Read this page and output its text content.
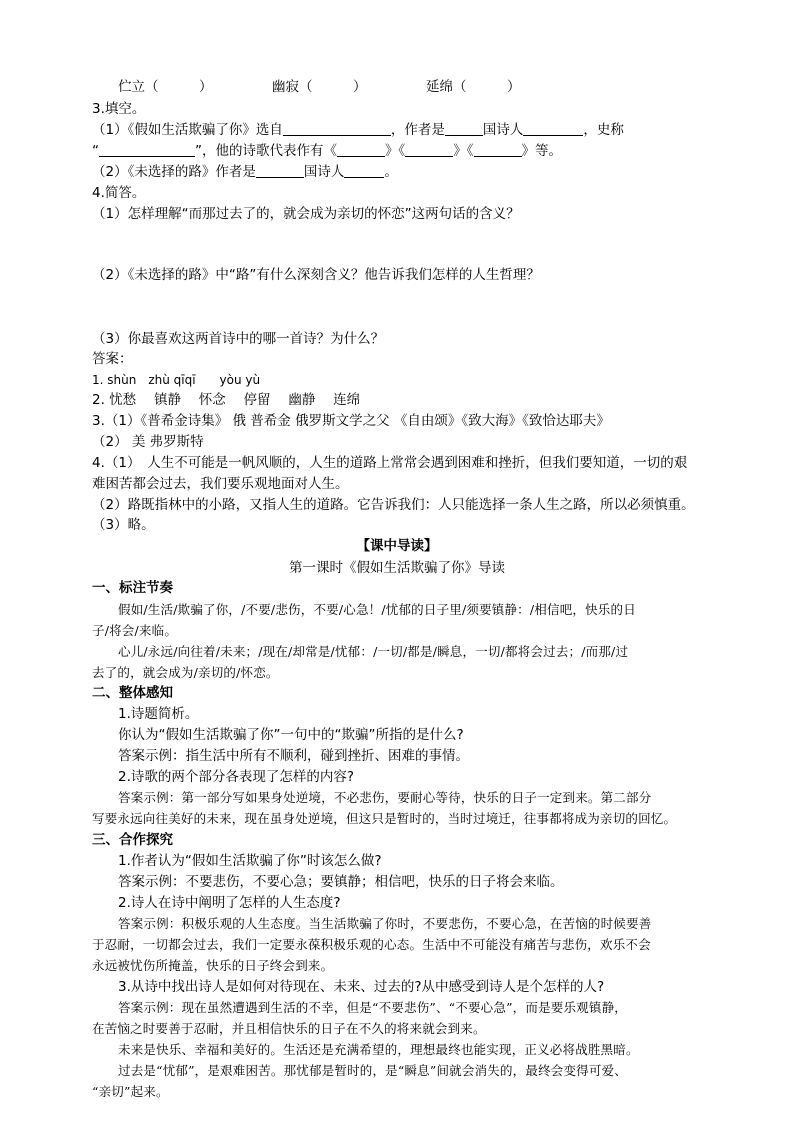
伫立（　　　）	幽寂（　　　）	延绵（　　　）
3.填空。
（1）《假如生活欺骗了你》选自	，作者是	国诗人	，史称
“	”，他的诗歌代表作有《	》《	》《	》等。
（2）《未选择的路》作者是	国诗人	。
4.简答。
（1）怎样理解“而那过去了的，就会成为亲切的怀恋”这两句话的含义？
（2）《未选择的路》中“路”有什么深刻含义？他告诉我们怎样的人生哲理？
（3）你最喜欢这两首诗中的哪一首诗？为什么？
答案：
1. shùn　zhù qīqī　　yòu yù
2. 忧愁　 镇静　 怀念　 停留　 幽静　 连绵
3.（1）《普希金诗集》 俄 普希金 俄罗斯文学之父 《自由颂》《致大海》《致恰达耶夫》
（2） 美 弗罗斯特
4.（1）　人生不可能是一帆风顺的，人生的道路上常常会遇到困难和挫折，但我们要知道，一切的艰
难困苦都会过去，我们要乐观地面对人生。
（2）路既指林中的小路，又指人生的道路。它告诉我们：人只能选择一条人生之路，所以必须慎重。
（3）略。
【课中导读】
第一课时《假如生活欺骗了你》导读
一、标注节奏
假如/生活/欺骗了你，/不要/悲伤，不要/心急！/忧郁的日子里/须要镇静：/相信吧，快乐的日
子/将会/来临。
心儿/永远/向往着/未来；/现在/却常是/忧郁：/一切/都是/瞬息，一切/都将会过去；/而那/过
去了的，就会成为/亲切的/怀恋。
二、整体感知
1.诗题简析。
你认为“假如生活欺骗了你”一句中的“欺骗”所指的是什么?
答案示例：指生活中所有不顺利，碰到挫折、困难的事情。
2.诗歌的两个部分各表现了怎样的内容?
答案示例：第一部分写如果身处逆境，不必悲伤，要耐心等待，快乐的日子一定到来。第二部分
写要永远向往美好的未来，现在虽身处逆境，但这只是暂时的，当时过境迁，往事都将成为亲切的回忆。
三、合作探究
1.作者认为“假如生活欺骗了你”时该怎么做?
答案示例：不要悲伤，不要心急；要镇静；相信吧，快乐的日子将会来临。
2.诗人在诗中阐明了怎样的人生态度?
答案示例：积极乐观的人生态度。当生活欺骗了你时，不要悲伤，不要心急，在苦恼的时候要善
于忍耐，一切都会过去，我们一定要永葆积极乐观的心态。生活中不可能没有痛苦与悲伤，欢乐不会
永远被忧伤所掩盖，快乐的日子终会到来。
3.从诗中找出诗人是如何对待现在、未来、过去的?从中感受到诗人是个怎样的人?
答案示例：现在虽然遭遇到生活的不幸，但是“不要悲伤”、“不要心急”，而是要乐观镇静，
在苦恼之时要善于忍耐，并且相信快乐的日子在不久的将来就会到来。
未来是快乐、幸福和美好的。生活还是充满希望的，理想最终也能实现，正义必将战胜黑暗。
过去是“忧郁”，是艰难困苦。那忧郁是暂时的，是“瞬息”间就会消失的，最终会变得可爱、
“亲切”起来。
